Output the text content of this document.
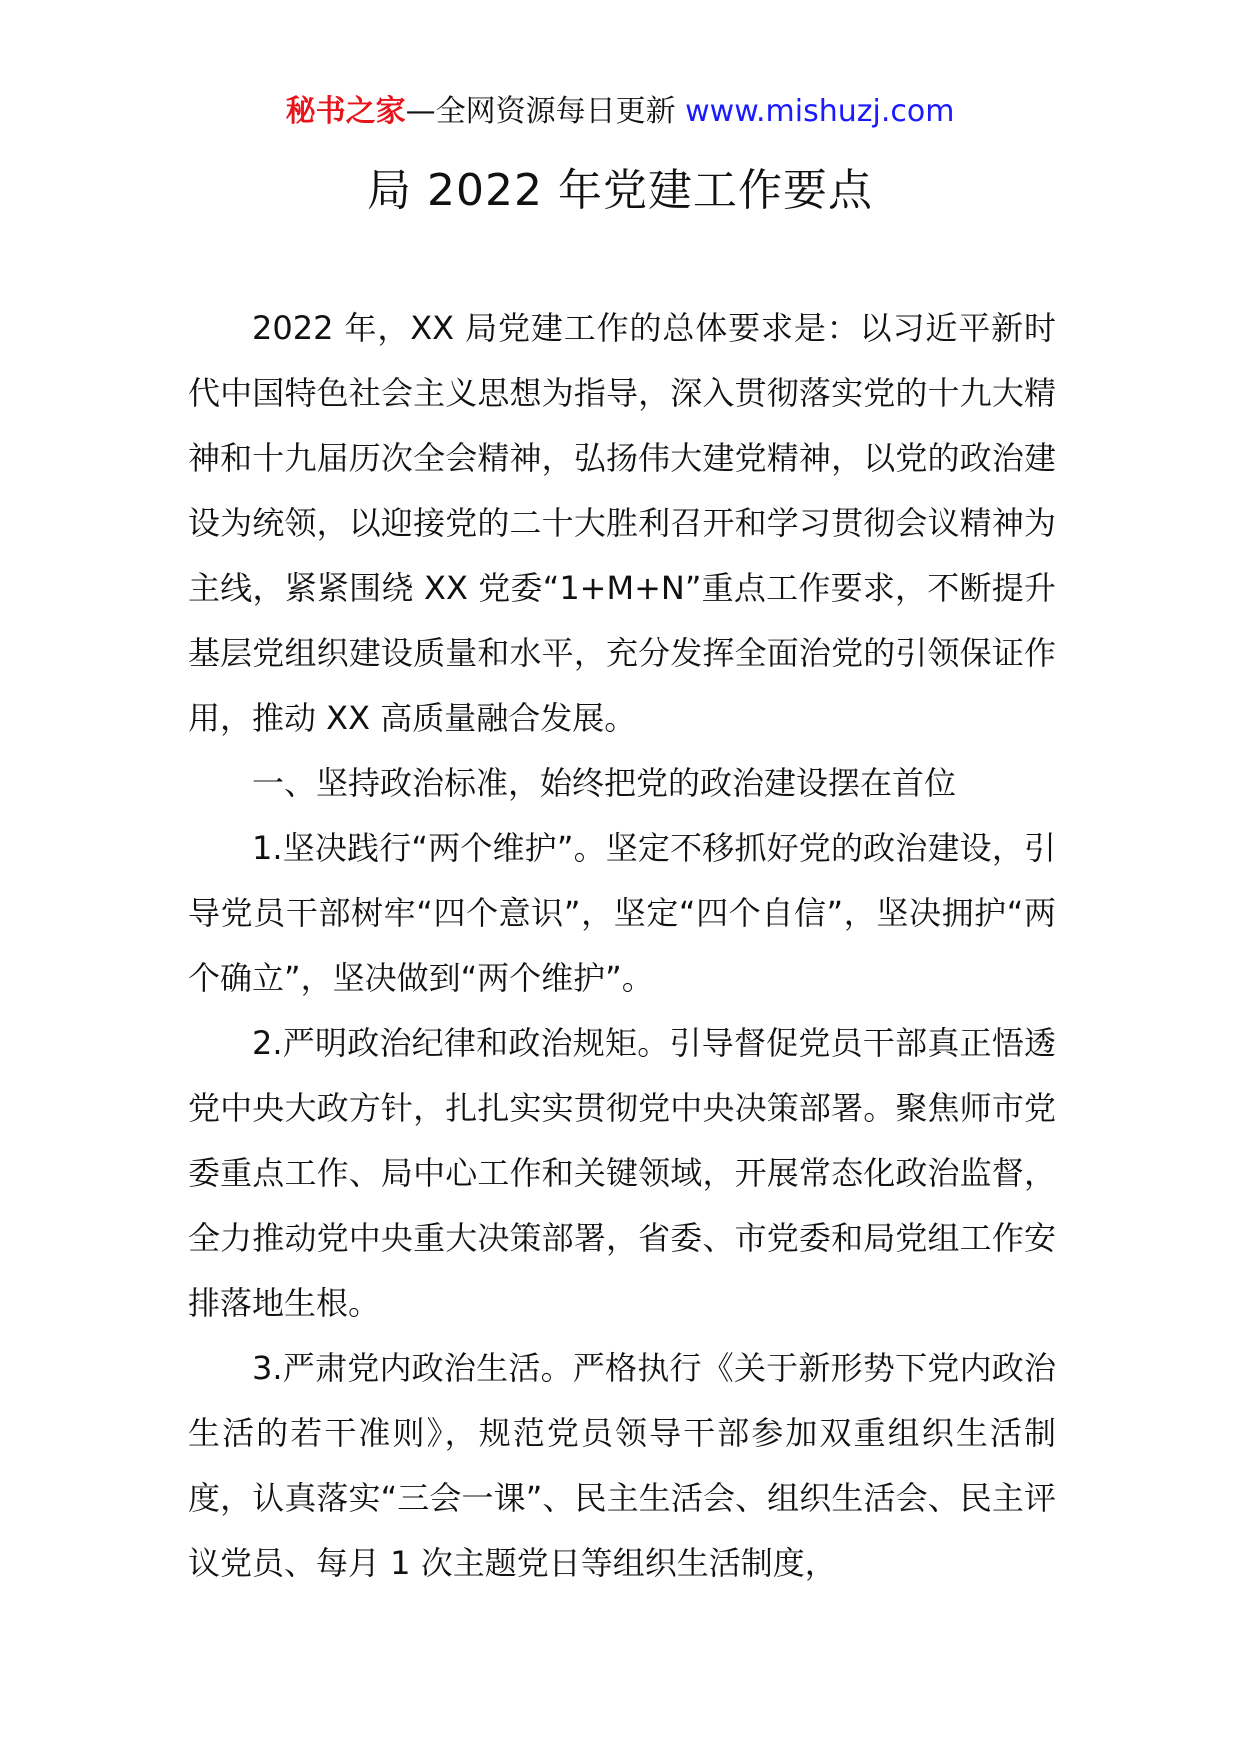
秘书之家—全网资源每日更新 www.mishuzj.com
局 2022 年党建工作要点

2022 年，XX 局党建工作的总体要求是：以习近平新时代中国特色社会主义思想为指导，深入贯彻落实党的十九大精神和十九届历次全会精神，弘扬伟大建党精神，以党的政治建设为统领，以迎接党的二十大胜利召开和学习贯彻会议精神为主线，紧紧围绕 XX 党委“1+M+N”重点工作要求，不断提升基层党组织建设质量和水平，充分发挥全面治党的引领保证作用，推动 XX 高质量融合发展。

一、坚持政治标准，始终把党的政治建设摆在首位

1.坚决践行“两个维护”。坚定不移抓好党的政治建设，引导党员干部树牢“四个意识”，坚定“四个自信”，坚决拥护“两个确立”，坚决做到“两个维护”。

2.严明政治纪律和政治规矩。引导督促党员干部真正悟透党中央大政方针，扎扎实实贯彻党中央决策部署。聚焦师市党委重点工作、局中心工作和关键领域，开展常态化政治监督，全力推动党中央重大决策部署，省委、市党委和局党组工作安排落地生根。

3.严肃党内政治生活。严格执行《关于新形势下党内政治生活的若干准则》，规范党员领导干部参加双重组织生活制度，认真落实“三会一课”、民主生活会、组织生活会、民主评议党员、每月 1 次主题党日等组织生活制度，
